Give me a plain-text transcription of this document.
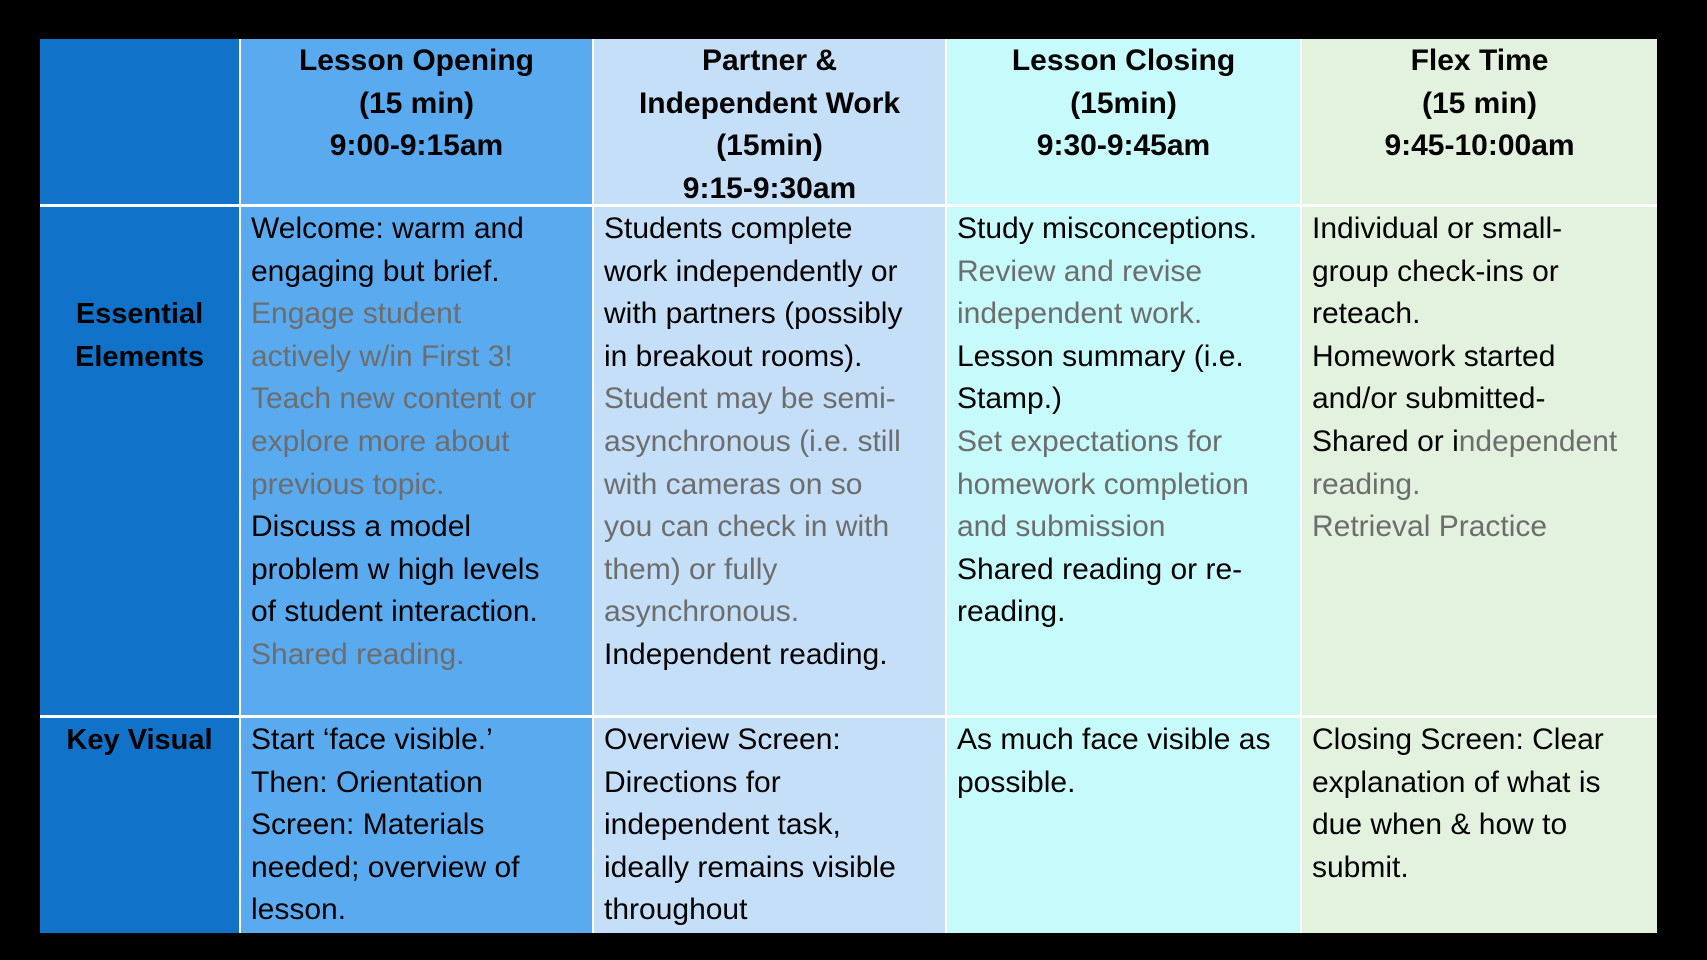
Lesson Opening
(15 min)
9:00-9:15am
Partner &
Independent Work
(15min)
9:15-9:30am
Lesson Closing
(15min)
9:30-9:45am
Flex Time
(15 min)
9:45-10:00am
Essential
Elements
Welcome: warm and
engaging but brief.
Engage student
actively w/in First 3!
Teach new content or
explore more about
previous topic.
Discuss a model
problem w high levels
of student interaction.
Shared reading.
Students complete
work independently or
with partners (possibly
in breakout rooms).
Student may be semi-
asynchronous (i.e. still
with cameras on so
you can check in with
them) or fully
asynchronous.
Independent reading.
Study misconceptions.
Review and revise
independent work.
Lesson summary (i.e.
Stamp.)
Set expectations for
homework completion
and submission
Shared reading or re-
reading.
Individual or small-
group check-ins or
reteach.
Homework started
and/or submitted-
Shared or independent
reading.
Retrieval Practice
Key Visual	Start ‘face visible.’
Then: Orientation
Screen: Materials
needed; overview of
lesson.
Overview Screen:
Directions for
independent task,
ideally remains visible
throughout
As much face visible as
possible.
Closing Screen: Clear
explanation of what is
due when & how to
submit.
